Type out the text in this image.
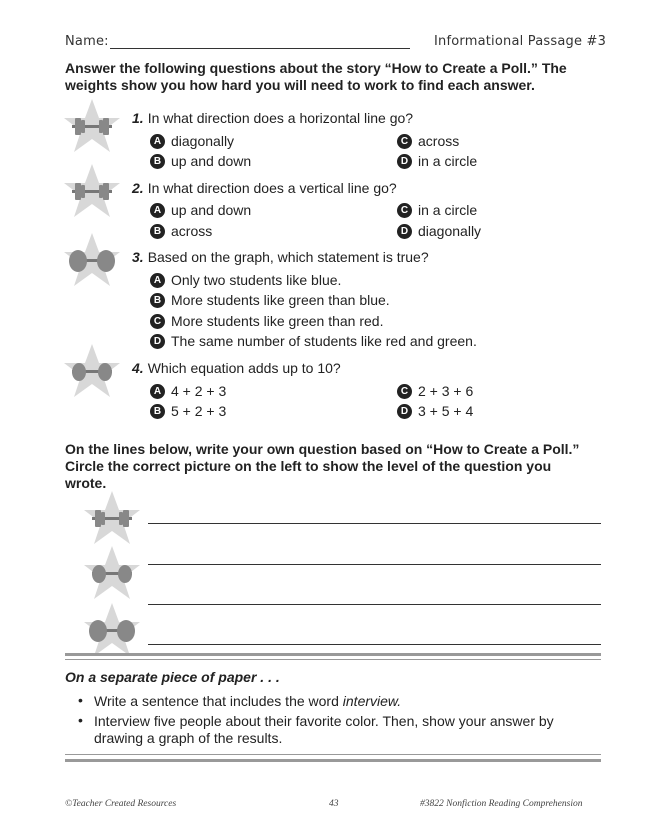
Name:	Informational Passage #3
Answer the following questions about the story “How to Create a Poll.” The weights show you how hard you will need to work to find each answer.
1. In what direction does a horizontal line go?
A diagonally
B up and down
C across
D in a circle
2. In what direction does a vertical line go?
A up and down
B across
C in a circle
D diagonally
3. Based on the graph, which statement is true?
A Only two students like blue.
B More students like green than blue.
C More students like green than red.
D The same number of students like red and green.
4. Which equation adds up to 10?
A 4 + 2 + 3
B 5 + 2 + 3
C 2 + 3 + 6
D 3 + 5 + 4
On the lines below, write your own question based on “How to Create a Poll.” Circle the correct picture on the left to show the level of the question you wrote.
On a separate piece of paper . . .
• Write a sentence that includes the word interview.
• Interview five people about their favorite color. Then, show your answer by drawing a graph of the results.
©Teacher Created Resources	43	#3822 Nonfiction Reading Comprehension
